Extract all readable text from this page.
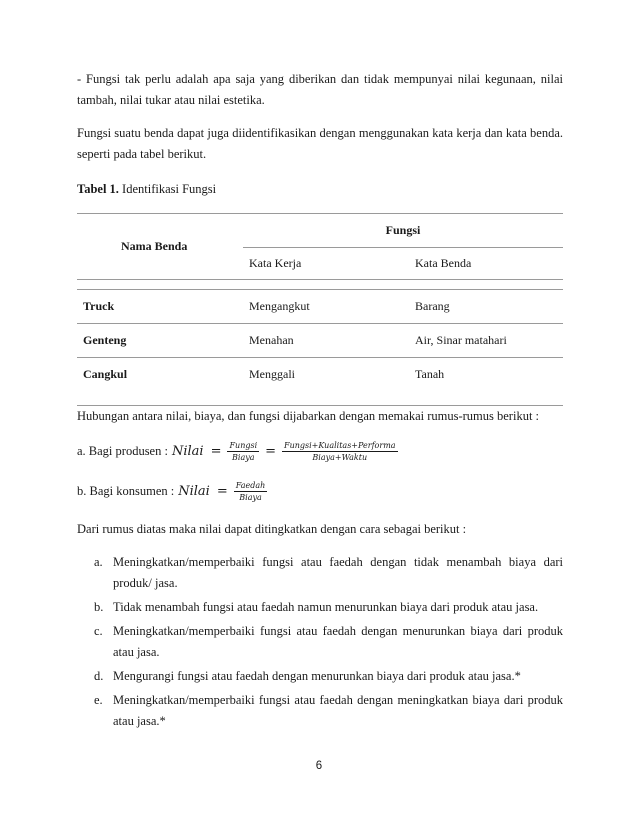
- Fungsi tak perlu adalah apa saja yang diberikan dan tidak mempunyai nilai kegunaan, nilai tambah, nilai tukar atau nilai estetika.

Fungsi suatu benda dapat juga diidentifikasikan dengan menggunakan kata kerja dan kata benda. seperti pada tabel berikut.

Tabel 1. Identifikasi Fungsi

Nama Benda	Fungsi	
	Kata Kerja	Kata Benda

Truck	Mengangkut	Barang
Genteng	Menahan	Air, Sinar matahari
Cangkul	Menggali	Tanah

Hubungan antara nilai, biaya, dan fungsi dijabarkan dengan memakai rumus-rumus berikut :

a. Bagi produsen : Nilai = $\frac{\text{Fungsi}}{\text{Biaya}} = \frac{\text{Fungsi+Kualitas+Performa}}{\text{Biaya+Waktu}}$
b. Bagi konsumen : Nilai = $\frac{\text{Faedah}}{\text{Biaya}}$

Dari rumus diatas maka nilai dapat ditingkatkan dengan cara sebagai berikut :

a. Meningkatkan/memperbaiki fungsi atau faedah dengan tidak menambah biaya dari produk/ jasa.
b. Tidak menambah fungsi atau faedah namun menurunkan biaya dari produk atau jasa.
c. Meningkatkan/memperbaiki fungsi atau faedah dengan menurunkan biaya dari produk atau jasa.
d. Mengurangi fungsi atau faedah dengan menurunkan biaya dari produk atau jasa.*
e. Meningkatkan/memperbaiki fungsi atau faedah dengan meningkatkan biaya dari produk atau jasa.*

6
